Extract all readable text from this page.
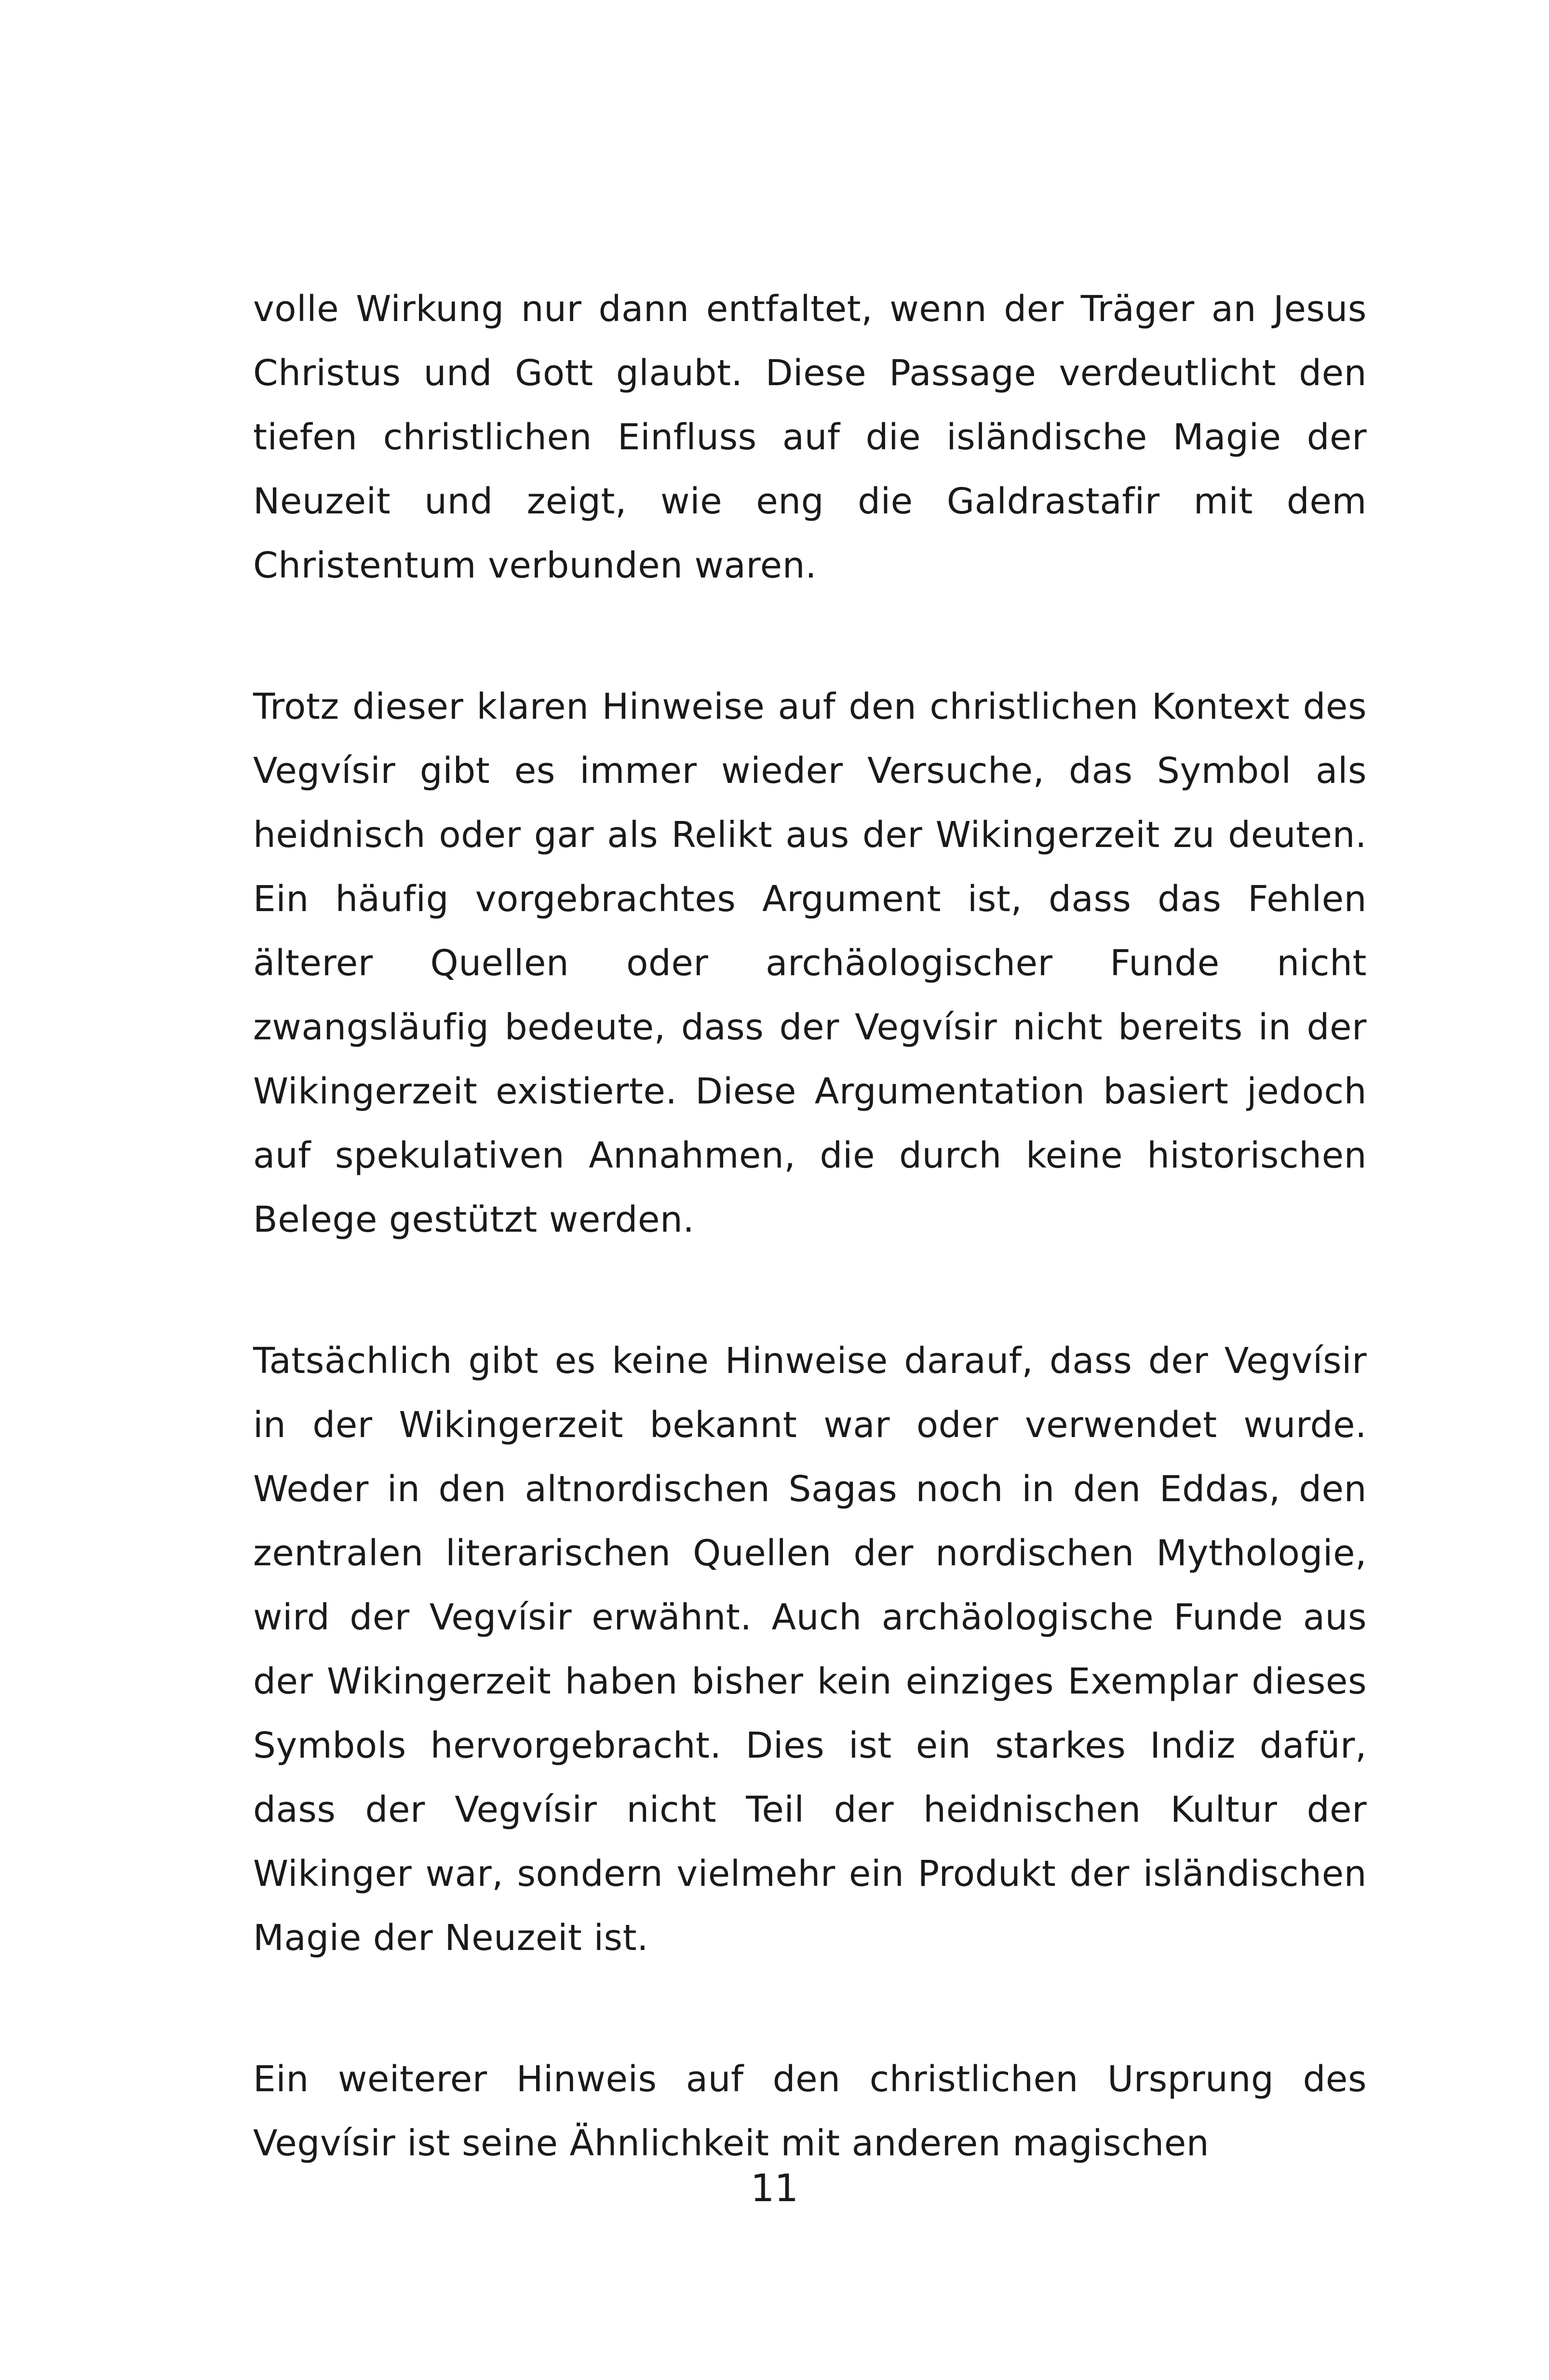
volle Wirkung nur dann entfaltet, wenn der Träger an Jesus Christus und Gott glaubt. Diese Passage verdeutlicht den tiefen christlichen Einfluss auf die isländische Magie der Neuzeit und zeigt, wie eng die Galdrastafir mit dem Christentum verbunden waren.

Trotz dieser klaren Hinweise auf den christlichen Kontext des Vegvísir gibt es immer wieder Versuche, das Symbol als heidnisch oder gar als Relikt aus der Wikingerzeit zu deuten. Ein häufig vorgebrachtes Argument ist, dass das Fehlen älterer Quellen oder archäologischer Funde nicht zwangsläufig bedeute, dass der Vegvísir nicht bereits in der Wikingerzeit existierte. Diese Argumentation basiert jedoch auf spekulativen Annahmen, die durch keine historischen Belege gestützt werden.

Tatsächlich gibt es keine Hinweise darauf, dass der Vegvísir in der Wikingerzeit bekannt war oder verwendet wurde. Weder in den altnordischen Sagas noch in den Eddas, den zentralen literarischen Quellen der nordischen Mythologie, wird der Vegvísir erwähnt. Auch archäologische Funde aus der Wikingerzeit haben bisher kein einziges Exemplar dieses Symbols hervorgebracht. Dies ist ein starkes Indiz dafür, dass der Vegvísir nicht Teil der heidnischen Kultur der Wikinger war, sondern vielmehr ein Produkt der isländischen Magie der Neuzeit ist.

Ein weiterer Hinweis auf den christlichen Ursprung des Vegvísir ist seine Ähnlichkeit mit anderen magischen

11
